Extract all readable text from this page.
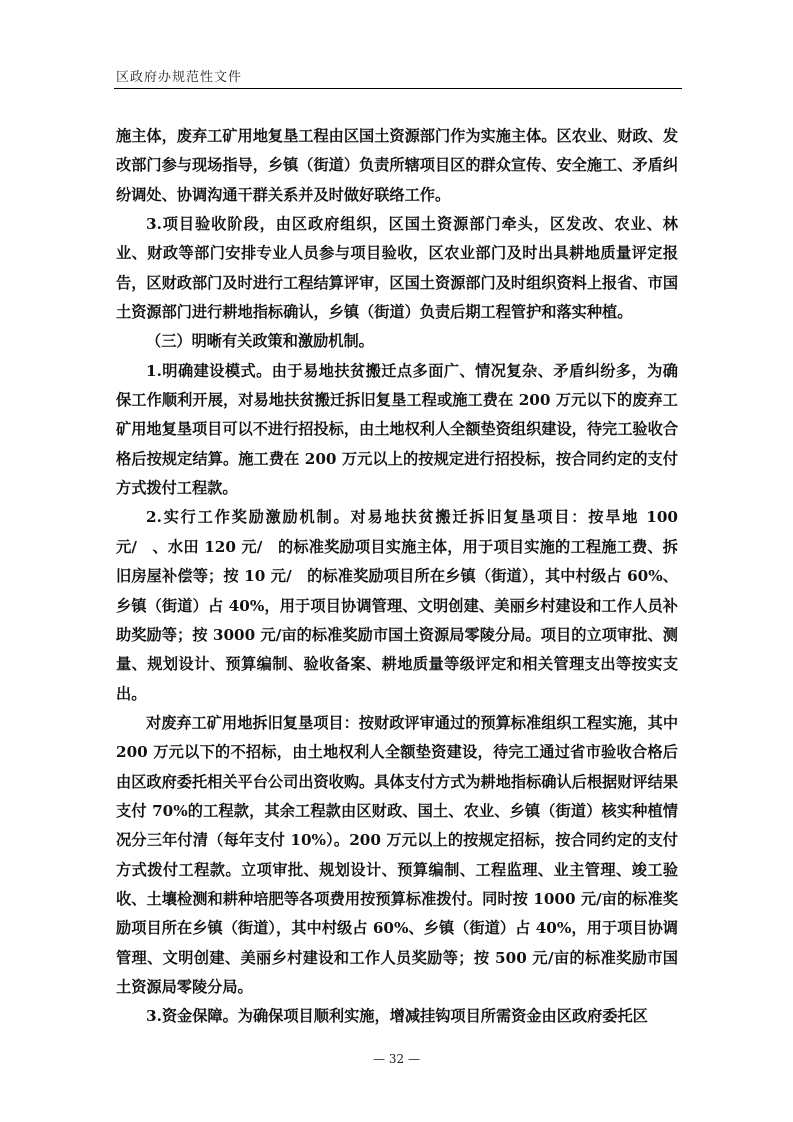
区政府办规范性文件

施主体，废弃工矿用地复垦工程由区国土资源部门作为实施主体。区农业、财政、发改部门参与现场指导，乡镇（街道）负责所辖项目区的群众宣传、安全施工、矛盾纠纷调处、协调沟通干群关系并及时做好联络工作。

3.项目验收阶段，由区政府组织，区国土资源部门牵头，区发改、农业、林业、财政等部门安排专业人员参与项目验收，区农业部门及时出具耕地质量评定报告，区财政部门及时进行工程结算评审，区国土资源部门及时组织资料上报省、市国土资源部门进行耕地指标确认，乡镇（街道）负责后期工程管护和落实种植。

（三）明晰有关政策和激励机制。

1.明确建设模式。由于易地扶贫搬迁点多面广、情况复杂、矛盾纠纷多，为确保工作顺利开展，对易地扶贫搬迁拆旧复垦工程或施工费在 200 万元以下的废弃工矿用地复垦项目可以不进行招投标，由土地权利人全额垫资组织建设，待完工验收合格后按规定结算。施工费在 200 万元以上的按规定进行招投标，按合同约定的支付方式拨付工程款。

2.实行工作奖励激励机制。对易地扶贫搬迁拆旧复垦项目：按旱地 100 元/　、水田 120 元/　的标准奖励项目实施主体，用于项目实施的工程施工费、拆旧房屋补偿等；按 10 元/　的标准奖励项目所在乡镇（街道），其中村级占 60%、乡镇（街道）占 40%，用于项目协调管理、文明创建、美丽乡村建设和工作人员补助奖励等；按 3000 元/亩的标准奖励市国土资源局零陵分局。项目的立项审批、测量、规划设计、预算编制、验收备案、耕地质量等级评定和相关管理支出等按实支出。

对废弃工矿用地拆旧复垦项目：按财政评审通过的预算标准组织工程实施，其中 200 万元以下的不招标，由土地权利人全额垫资建设，待完工通过省市验收合格后由区政府委托相关平台公司出资收购。具体支付方式为耕地指标确认后根据财评结果支付 70%的工程款，其余工程款由区财政、国土、农业、乡镇（街道）核实种植情况分三年付清（每年支付 10%）。200 万元以上的按规定招标，按合同约定的支付方式拨付工程款。立项审批、规划设计、预算编制、工程监理、业主管理、竣工验收、土壤检测和耕种培肥等各项费用按预算标准拨付。同时按 1000 元/亩的标准奖励项目所在乡镇（街道），其中村级占 60%、乡镇（街道）占 40%，用于项目协调管理、文明创建、美丽乡村建设和工作人员奖励等；按 500 元/亩的标准奖励市国土资源局零陵分局。

3.资金保障。为确保项目顺利实施，增减挂钩项目所需资金由区政府委托区

— 32 —
